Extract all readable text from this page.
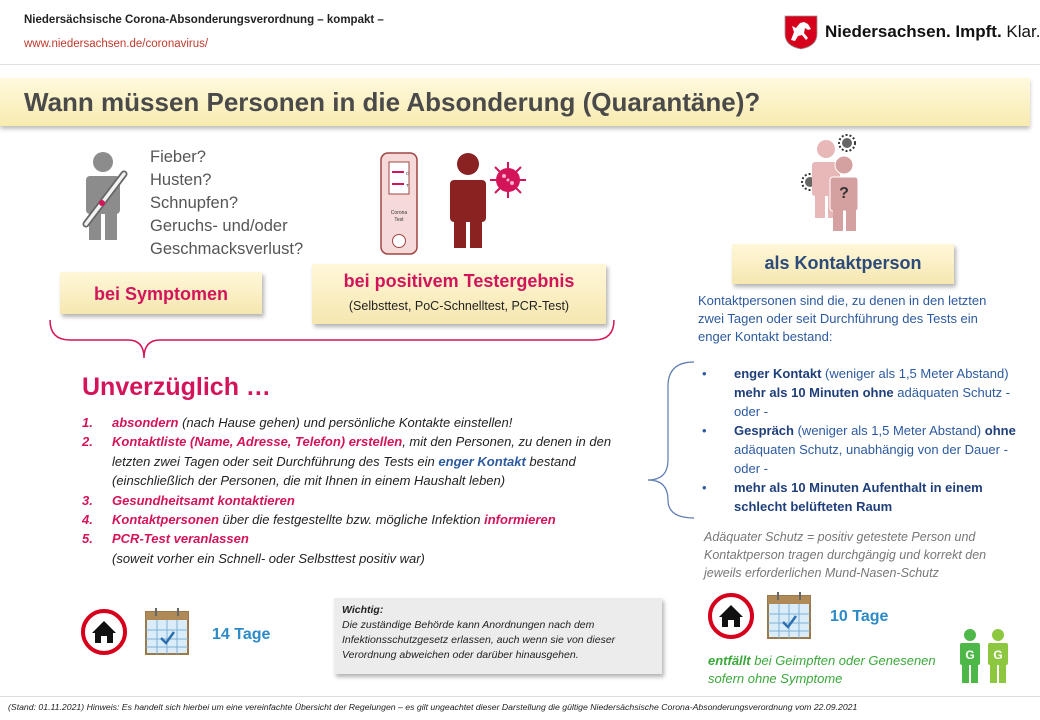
Niedersächsische Corona-Absonderungsverordnung – kompakt –
www.niedersachsen.de/coronavirus/
Niedersachsen. Impft. Klar.
Wann müssen Personen in die Absonderung (Quarantäne)?
Fieber?
Husten?
Schnupfen?
Geruchs- und/oder
Geschmacksverlust?
C
T
Corona
Test
?
bei Symptomen
bei positivem Testergebnis
(Selbsttest, PoC-Schnelltest, PCR-Test)
als Kontaktperson
Kontaktpersonen sind die, zu denen in den letzten zwei Tagen oder seit Durchführung des Tests ein enger Kontakt bestand:
• enger Kontakt (weniger als 1,5 Meter Abstand) mehr als 10 Minuten ohne adäquaten Schutz - oder -
• Gespräch (weniger als 1,5 Meter Abstand) ohne adäquaten Schutz, unabhängig von der Dauer - oder -
• mehr als 10 Minuten Aufenthalt in einem schlecht belüfteten Raum
Adäquater Schutz = positiv getestete Person und Kontaktperson tragen durchgängig und korrekt den jeweils erforderlichen Mund-Nasen-Schutz
Unverzüglich …
1. absondern (nach Hause gehen) und persönliche Kontakte einstellen!
2. Kontaktliste (Name, Adresse, Telefon) erstellen, mit den Personen, zu denen in den letzten zwei Tagen oder seit Durchführung des Tests ein enger Kontakt bestand (einschließlich der Personen, die mit Ihnen in einem Haushalt leben)
3. Gesundheitsamt kontaktieren
4. Kontaktpersonen über die festgestellte bzw. mögliche Infektion informieren
5. PCR-Test veranlassen
(soweit vorher ein Schnell- oder Selbsttest positiv war)
14 Tage
Wichtig:
Die zuständige Behörde kann Anordnungen nach dem Infektionsschutzgesetz erlassen, auch wenn sie von dieser Verordnung abweichen oder darüber hinausgehen.
10 Tage
entfällt bei Geimpften oder Genesenen sofern ohne Symptome
G G
(Stand: 01.11.2021) Hinweis: Es handelt sich hierbei um eine vereinfachte Übersicht der Regelungen – es gilt ungeachtet dieser Darstellung die gültige Niedersächsische Corona-Absonderungsverordnung vom 22.09.2021
